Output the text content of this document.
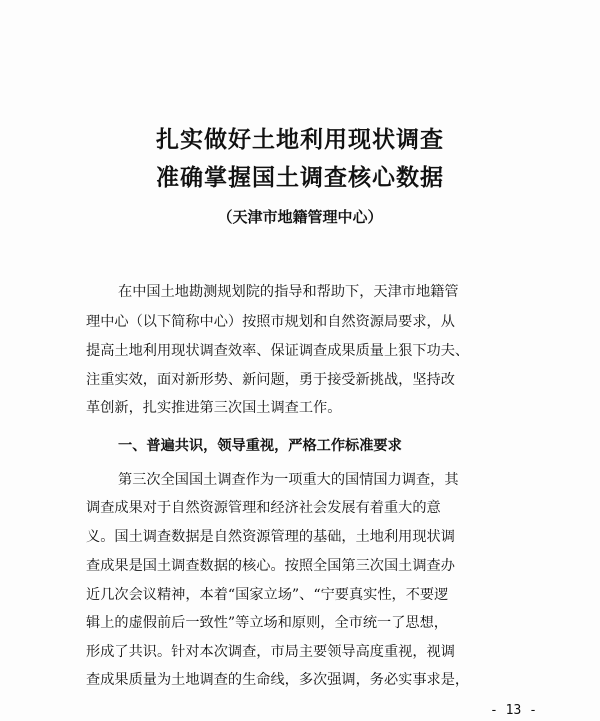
扎实做好土地利用现状调查
准确掌握国土调查核心数据
（天津市地籍管理中心）
在中国土地勘测规划院的指导和帮助下，天津市地籍管
理中心（以下简称中心）按照市规划和自然资源局要求，从
提高土地利用现状调查效率、保证调查成果质量上狠下功夫、
注重实效，面对新形势、新问题，勇于接受新挑战，坚持改
革创新，扎实推进第三次国土调查工作。
一、普遍共识，领导重视，严格工作标准要求
第三次全国国土调查作为一项重大的国情国力调查，其
调查成果对于自然资源管理和经济社会发展有着重大的意
义。国土调查数据是自然资源管理的基础，土地利用现状调
查成果是国土调查数据的核心。按照全国第三次国土调查办
近几次会议精神，本着“国家立场”、“宁要真实性，不要逻
辑上的虚假前后一致性”等立场和原则，全市统一了思想，
形成了共识。针对本次调查，市局主要领导高度重视，视调
查成果质量为土地调查的生命线，多次强调，务必实事求是，
- 13 -
